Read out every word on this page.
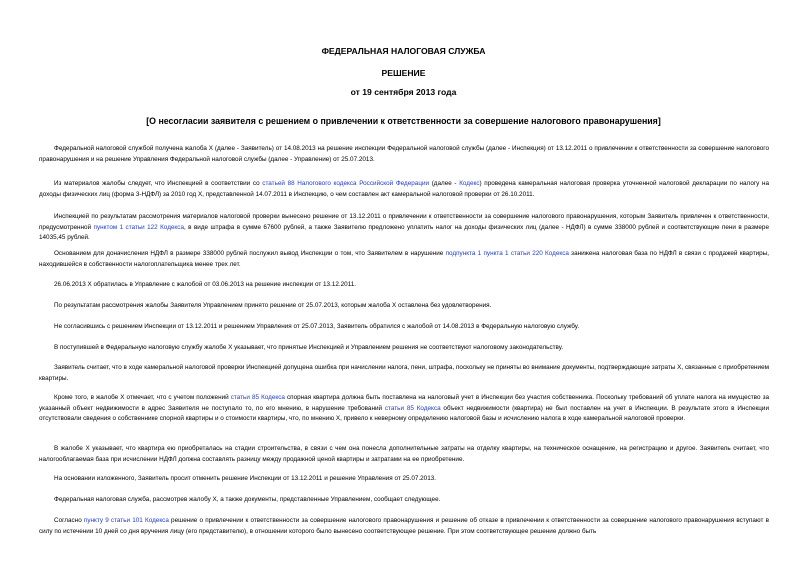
ФЕДЕРАЛЬНАЯ НАЛОГОВАЯ СЛУЖБА
РЕШЕНИЕ
от 19 сентября 2013 года
[О несогласии заявителя с решением о привлечении к ответственности за совершение налогового правонарушения]

Федеральной налоговой службой получена жалоба X (далее - Заявитель) от 14.08.2013 на решение инспекции Федеральной налоговой службы (далее - Инспекция) от 13.12.2011 о привлечении к ответственности за совершение налогового правонарушения и на решение Управления Федеральной налоговой службы (далее - Управление) от 25.07.2013.

Из материалов жалобы следует, что Инспекцией в соответствии со статьей 88 Налогового кодекса Российской Федерации (далее - Кодекс) проведена камеральная налоговая проверка уточненной налоговой декларации по налогу на доходы физических лиц (форма 3-НДФЛ) за 2010 год X, представленной 14.07.2011 в Инспекцию, о чем составлен акт камеральной налоговой проверки от 26.10.2011.

Инспекцией по результатам рассмотрения материалов налоговой проверки вынесено решение от 13.12.2011 о привлечении к ответственности за совершение налогового правонарушения, которым Заявитель привлечен к ответственности, предусмотренной пунктом 1 статьи 122 Кодекса, в виде штрафа в сумме 67600 рублей, а также Заявителю предложено уплатить налог на доходы физических лиц (далее - НДФЛ) в сумме 338000 рублей и соответствующие пени в размере 14035,45 рублей.

Основанием для доначисления НДФЛ в размере 338000 рублей послужил вывод Инспекции о том, что Заявителем в нарушение подпункта 1 пункта 1 статьи 220 Кодекса занижена налоговая база по НДФЛ в связи с продажей квартиры, находившейся в собственности налогоплательщика менее трех лет.

26.06.2013 X обратилась в Управление с жалобой от 03.06.2013 на решение инспекции от 13.12.2011.

По результатам рассмотрения жалобы Заявителя Управлением принято решение от 25.07.2013, которым жалоба X оставлена без удовлетворения.

Не согласившись с решением Инспекции от 13.12.2011 и решением Управления от 25.07.2013, Заявитель обратился с жалобой от 14.08.2013 в Федеральную налоговую службу.

В поступившей в Федеральную налоговую службу жалобе X указывает, что принятые Инспекцией и Управлением решения не соответствуют налоговому законодательству.

Заявитель считает, что в ходе камеральной налоговой проверки Инспекцией допущена ошибка при начислении налога, пени, штрафа, поскольку не приняты во внимание документы, подтверждающие затраты X, связанные с приобретением квартиры.

Кроме того, в жалобе X отмечает, что с учетом положений статьи 85 Кодекса спорная квартира должна быть поставлена на налоговый учет в Инспекции без участия собственника. Поскольку требований об уплате налога на имущество за указанный объект недвижимости в адрес Заявителя не поступало то, по его мнению, в нарушение требований статьи 85 Кодекса объект недвижимости (квартира) не был поставлен на учет в Инспекции. В результате этого в Инспекции отсутствовали сведения о собственнике спорной квартиры и о стоимости квартиры, что, по мнению X, привело к неверному определению налоговой базы и исчислению налога в ходе камеральной налоговой проверки.

В жалобе X указывает, что квартира ею приобреталась на стадии строительства, в связи с чем она понесла дополнительные затраты на отделку квартиры, на техническое оснащение, на регистрацию и другое. Заявитель считает, что налогооблагаемая база при исчислении НДФЛ должна составлять разницу между продажной ценой квартиры и затратами на ее приобретение.

На основании изложенного, Заявитель просит отменить решение Инспекции от 13.12.2011 и решение Управления от 25.07.2013.

Федеральная налоговая служба, рассмотрев жалобу X, а также документы, представленные Управлением, сообщает следующее.

Согласно пункту 9 статьи 101 Кодекса решение о привлечении к ответственности за совершение налогового правонарушения и решение об отказе в привлечении к ответственности за совершение налогового правонарушения вступают в силу по истечении 10 дней со дня вручения лицу (его представителю), в отношении которого было вынесено соответствующее решение. При этом соответствующее решение должно быть
